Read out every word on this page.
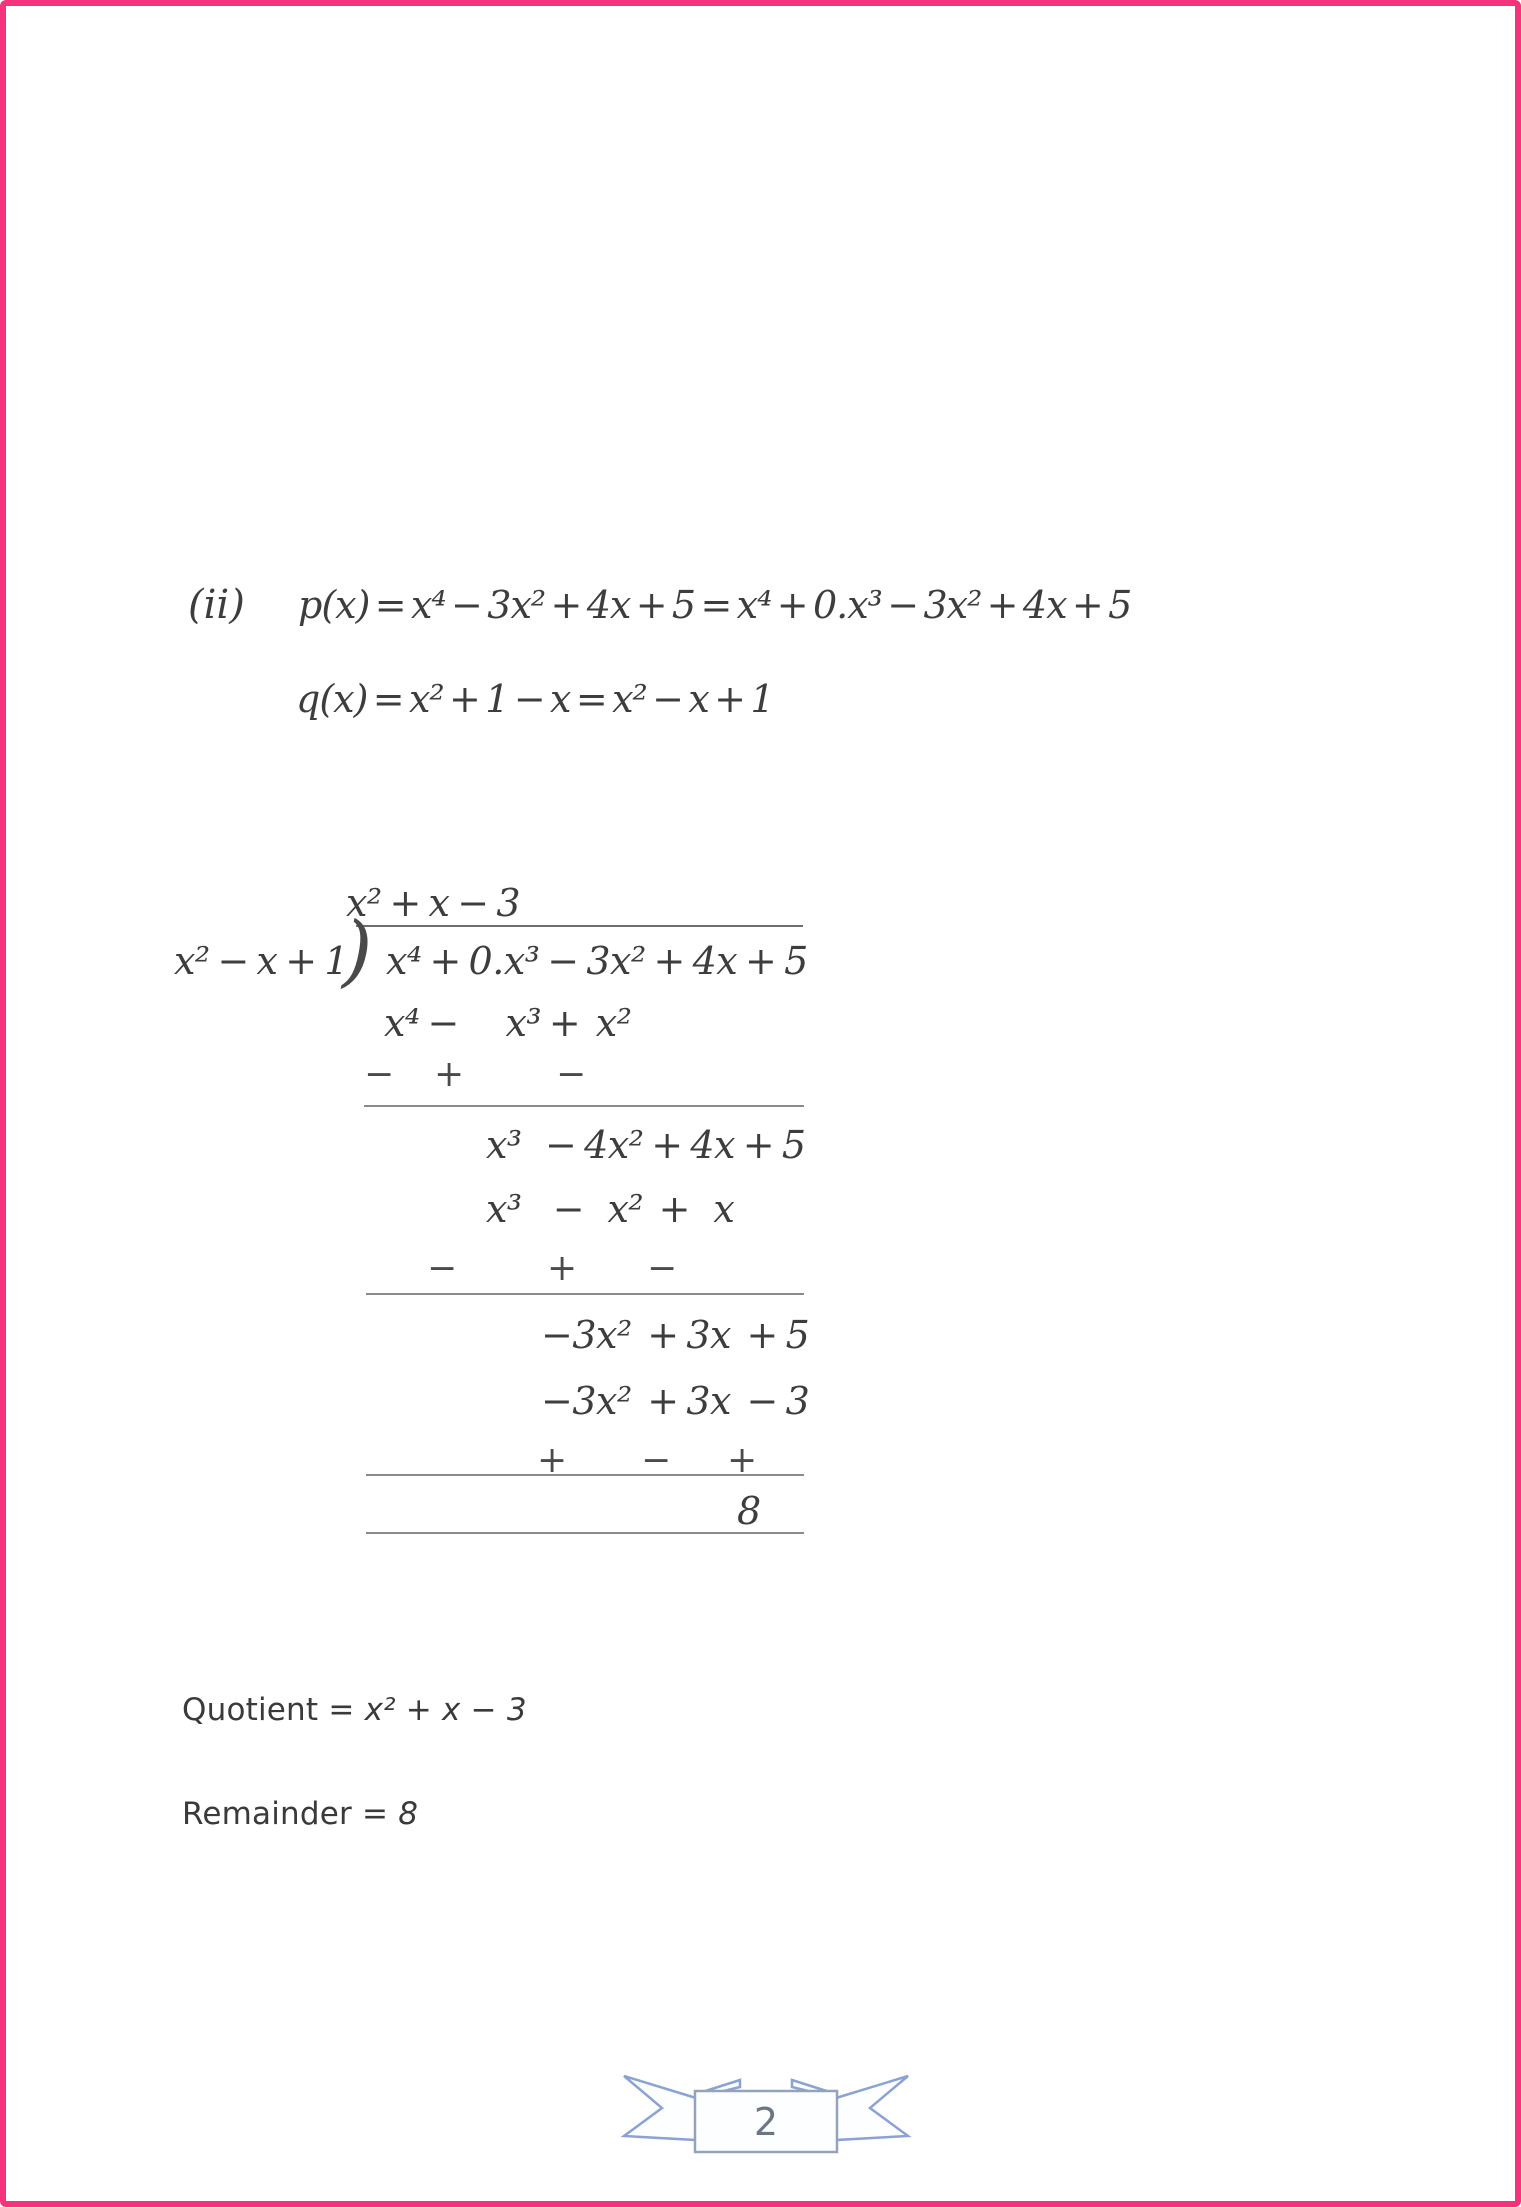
(ii) p(x) = x⁴ − 3x² + 4x + 5 = x⁴ + 0.x³ − 3x² + 4x + 5
q(x) = x² + 1 − x = x² − x + 1
x² + x − 3
x² − x + 1
) x⁴ + 0.x³ − 3x² + 4x + 5
x⁴ −      x³ +  x²
− +	−
x³   − 4x² + 4x + 5
x³    −   x²  +   x
− + −
−3x²  + 3x  + 5
−3x²  + 3x  − 3
+ − +
8
Quotient = x² + x − 3
Remainder = 8
2
